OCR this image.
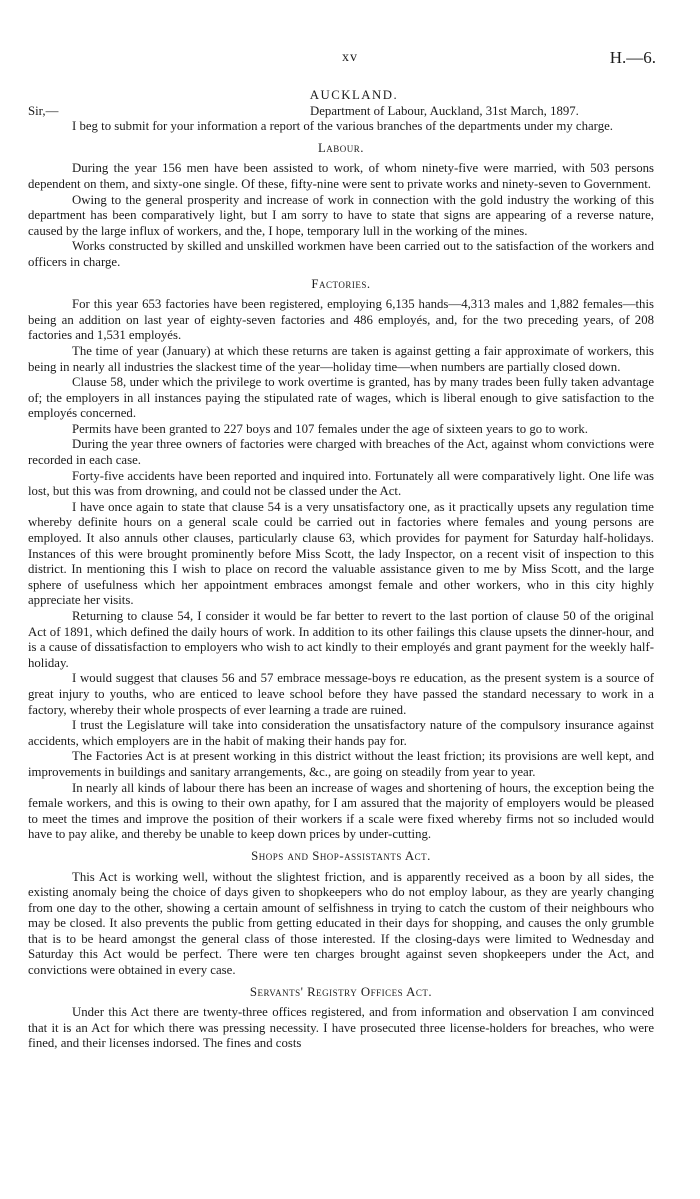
xv	H.—6.
AUCKLAND.
Sir,—	Department of Labour, Auckland, 31st March, 1897.

I beg to submit for your information a report of the various branches of the departments under my charge.

Labour.

During the year 156 men have been assisted to work, of whom ninety-five were married, with 503 persons dependent on them, and sixty-one single. Of these, fifty-nine were sent to private works and ninety-seven to Government.

Owing to the general prosperity and increase of work in connection with the gold industry the working of this department has been comparatively light, but I am sorry to have to state that signs are appearing of a reverse nature, caused by the large influx of workers, and the, I hope, temporary lull in the working of the mines.

Works constructed by skilled and unskilled workmen have been carried out to the satisfaction of the workers and officers in charge.

Factories.

For this year 653 factories have been registered, employing 6,135 hands—4,313 males and 1,882 females—this being an addition on last year of eighty-seven factories and 486 employés, and, for the two preceding years, of 208 factories and 1,531 employés.

The time of year (January) at which these returns are taken is against getting a fair approximate of workers, this being in nearly all industries the slackest time of the year—holiday time—when numbers are partially closed down.

Clause 58, under which the privilege to work overtime is granted, has by many trades been fully taken advantage of; the employers in all instances paying the stipulated rate of wages, which is liberal enough to give satisfaction to the employés concerned.

Permits have been granted to 227 boys and 107 females under the age of sixteen years to go to work.

During the year three owners of factories were charged with breaches of the Act, against whom convictions were recorded in each case.

Forty-five accidents have been reported and inquired into. Fortunately all were comparatively light. One life was lost, but this was from drowning, and could not be classed under the Act.

I have once again to state that clause 54 is a very unsatisfactory one, as it practically upsets any regulation time whereby definite hours on a general scale could be carried out in factories where females and young persons are employed. It also annuls other clauses, particularly clause 63, which provides for payment for Saturday half-holidays. Instances of this were brought prominently before Miss Scott, the lady Inspector, on a recent visit of inspection to this district. In mentioning this I wish to place on record the valuable assistance given to me by Miss Scott, and the large sphere of usefulness which her appointment embraces amongst female and other workers, who in this city highly appreciate her visits.

Returning to clause 54, I consider it would be far better to revert to the last portion of clause 50 of the original Act of 1891, which defined the daily hours of work. In addition to its other failings this clause upsets the dinner-hour, and is a cause of dissatisfaction to employers who wish to act kindly to their employés and grant payment for the weekly half-holiday.

I would suggest that clauses 56 and 57 embrace message-boys re education, as the present system is a source of great injury to youths, who are enticed to leave school before they have passed the standard necessary to work in a factory, whereby their whole prospects of ever learning a trade are ruined.

I trust the Legislature will take into consideration the unsatisfactory nature of the compulsory insurance against accidents, which employers are in the habit of making their hands pay for.

The Factories Act is at present working in this district without the least friction; its provisions are well kept, and improvements in buildings and sanitary arrangements, &c., are going on steadily from year to year.

In nearly all kinds of labour there has been an increase of wages and shortening of hours, the exception being the female workers, and this is owing to their own apathy, for I am assured that the majority of employers would be pleased to meet the times and improve the position of their workers if a scale were fixed whereby firms not so included would have to pay alike, and thereby be unable to keep down prices by under-cutting.

Shops and Shop-assistants Act.

This Act is working well, without the slightest friction, and is apparently received as a boon by all sides, the existing anomaly being the choice of days given to shopkeepers who do not employ labour, as they are yearly changing from one day to the other, showing a certain amount of selfishness in trying to catch the custom of their neighbours who may be closed. It also prevents the public from getting educated in their days for shopping, and causes the only grumble that is to be heard amongst the general class of those interested. If the closing-days were limited to Wednesday and Saturday this Act would be perfect. There were ten charges brought against seven shopkeepers under the Act, and convictions were obtained in every case.

Servants' Registry Offices Act.

Under this Act there are twenty-three offices registered, and from information and observation I am convinced that it is an Act for which there was pressing necessity. I have prosecuted three license-holders for breaches, who were fined, and their licenses indorsed. The fines and costs
